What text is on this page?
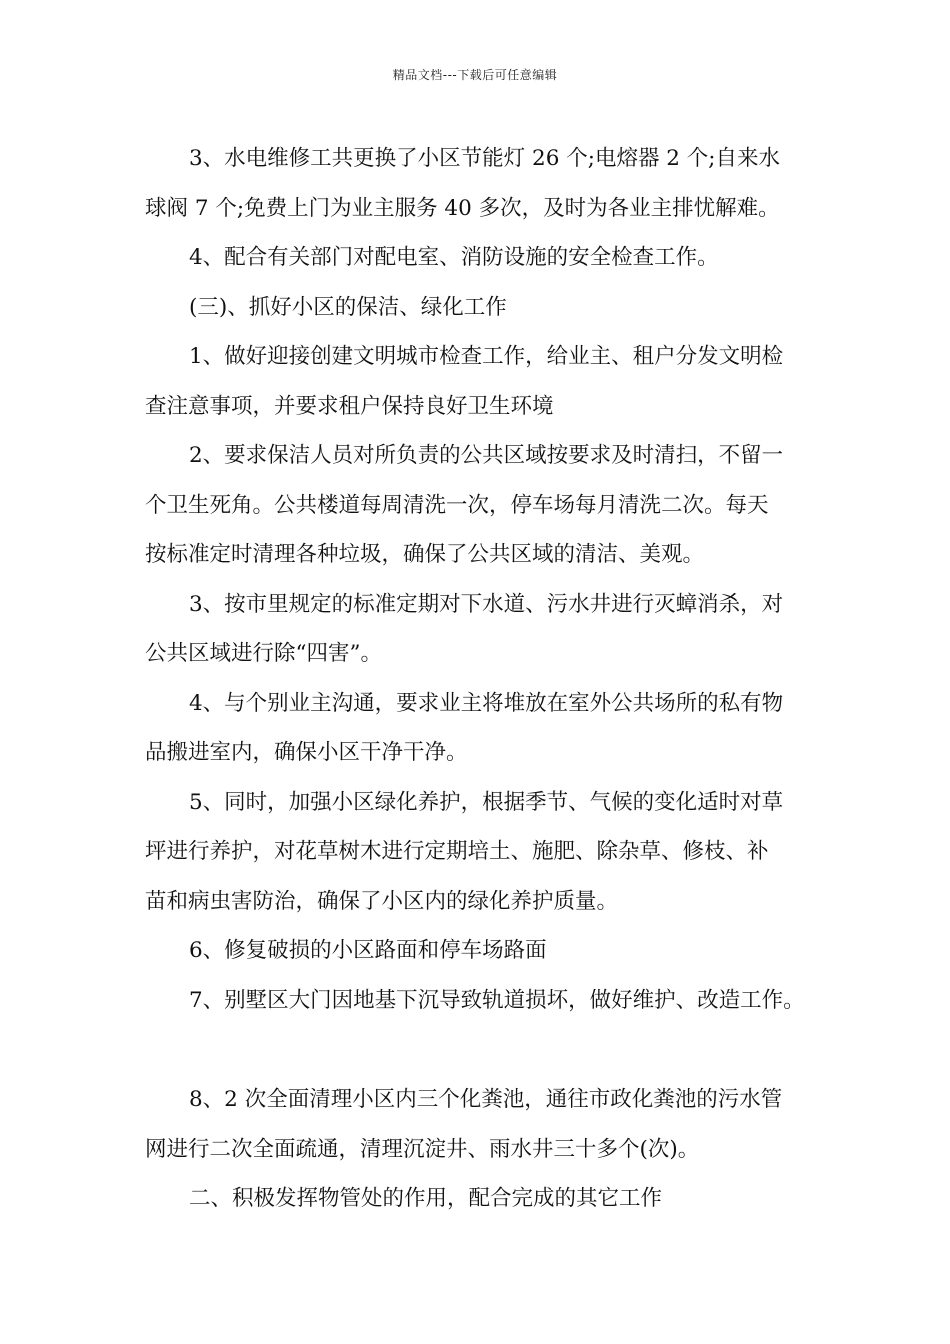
精品文档---下载后可任意编辑

3、水电维修工共更换了小区节能灯 26 个;电熔器 2 个;自来水
球阀 7 个;免费上门为业主服务 40 多次，及时为各业主排忧解难。

4、配合有关部门对配电室、消防设施的安全检查工作。

(三)、抓好小区的保洁、绿化工作

1、做好迎接创建文明城市检查工作，给业主、租户分发文明检
查注意事项，并要求租户保持良好卫生环境

2、要求保洁人员对所负责的公共区域按要求及时清扫，不留一
个卫生死角。公共楼道每周清洗一次，停车场每月清洗二次。每天
按标准定时清理各种垃圾，确保了公共区域的清洁、美观。

3、按市里规定的标准定期对下水道、污水井进行灭蟑消杀，对
公共区域进行除“四害”。

4、与个别业主沟通，要求业主将堆放在室外公共场所的私有物
品搬进室内，确保小区干净干净。

5、同时，加强小区绿化养护，根据季节、气候的变化适时对草
坪进行养护，对花草树木进行定期培土、施肥、除杂草、修枝、补
苗和病虫害防治，确保了小区内的绿化养护质量。

6、修复破损的小区路面和停车场路面

7、别墅区大门因地基下沉导致轨道损坏，做好维护、改造工作。

8、2 次全面清理小区内三个化粪池，通往市政化粪池的污水管
网进行二次全面疏通，清理沉淀井、雨水井三十多个(次)。

二、积极发挥物管处的作用，配合完成的其它工作
